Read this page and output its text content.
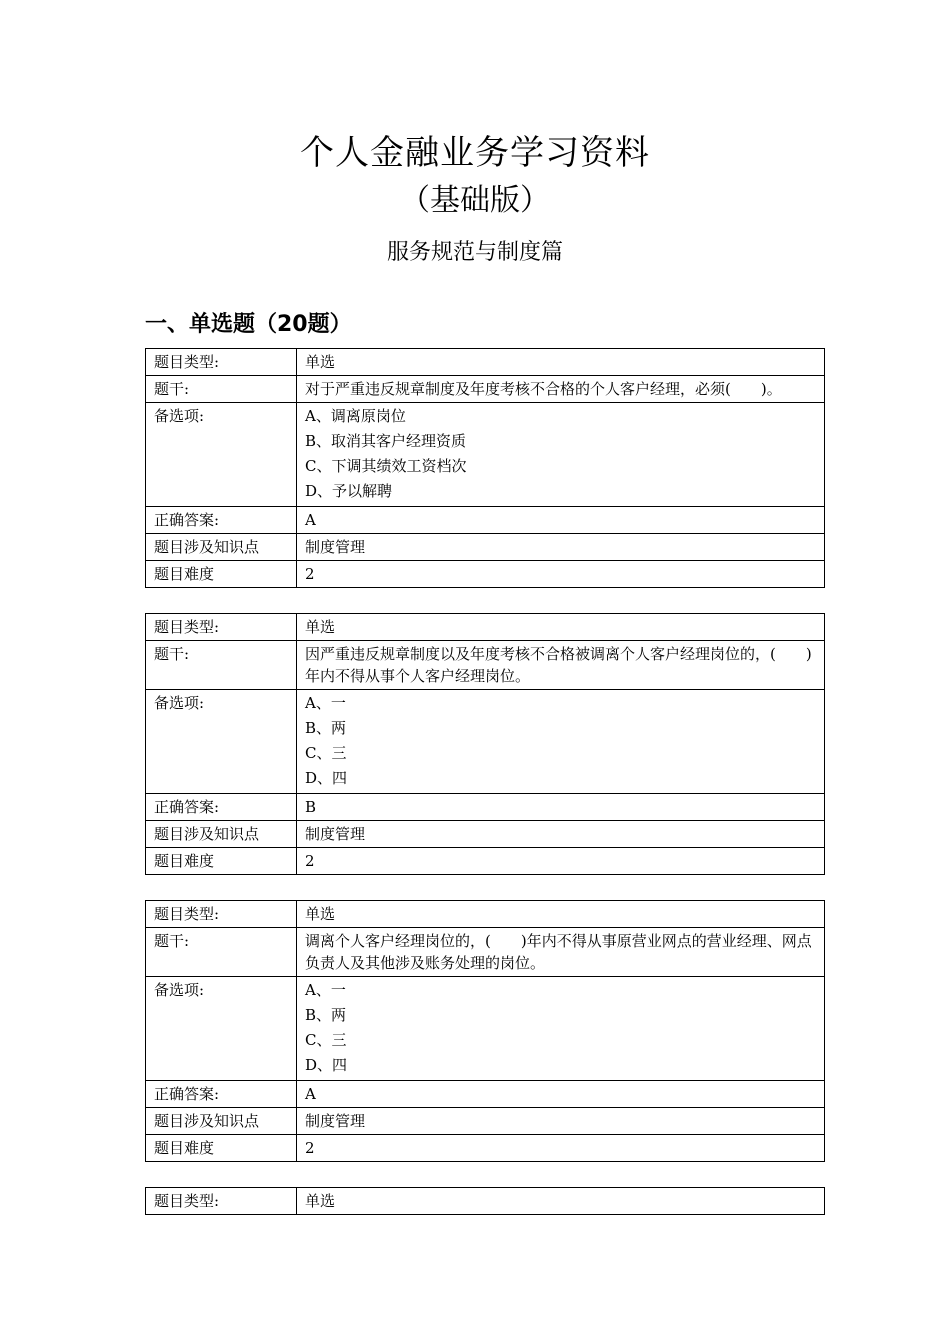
个人金融业务学习资料
（基础版）
服务规范与制度篇
一、单选题（20题）
题目类型:	单选
题干:	对于严重违反规章制度及年度考核不合格的个人客户经理，必须(　　)。
备选项:	A、调离原岗位
B、取消其客户经理资质
C、下调其绩效工资档次
D、予以解聘

正确答案:	A
题目涉及知识点	制度管理
题目难度	2
题目类型:	单选
题干:	因严重违反规章制度以及年度考核不合格被调离个人客户经理岗位的，(　　)年内不得从事个人客户经理岗位。
备选项:	A、一
B、两
C、三
D、四

正确答案:	B
题目涉及知识点	制度管理
题目难度	2
题目类型:	单选
题干:	调离个人客户经理岗位的，(　　)年内不得从事原营业网点的营业经理、网点负责人及其他涉及账务处理的岗位。
备选项:	A、一
B、两
C、三
D、四

正确答案:	A
题目涉及知识点	制度管理
题目难度	2
题目类型:	单选
